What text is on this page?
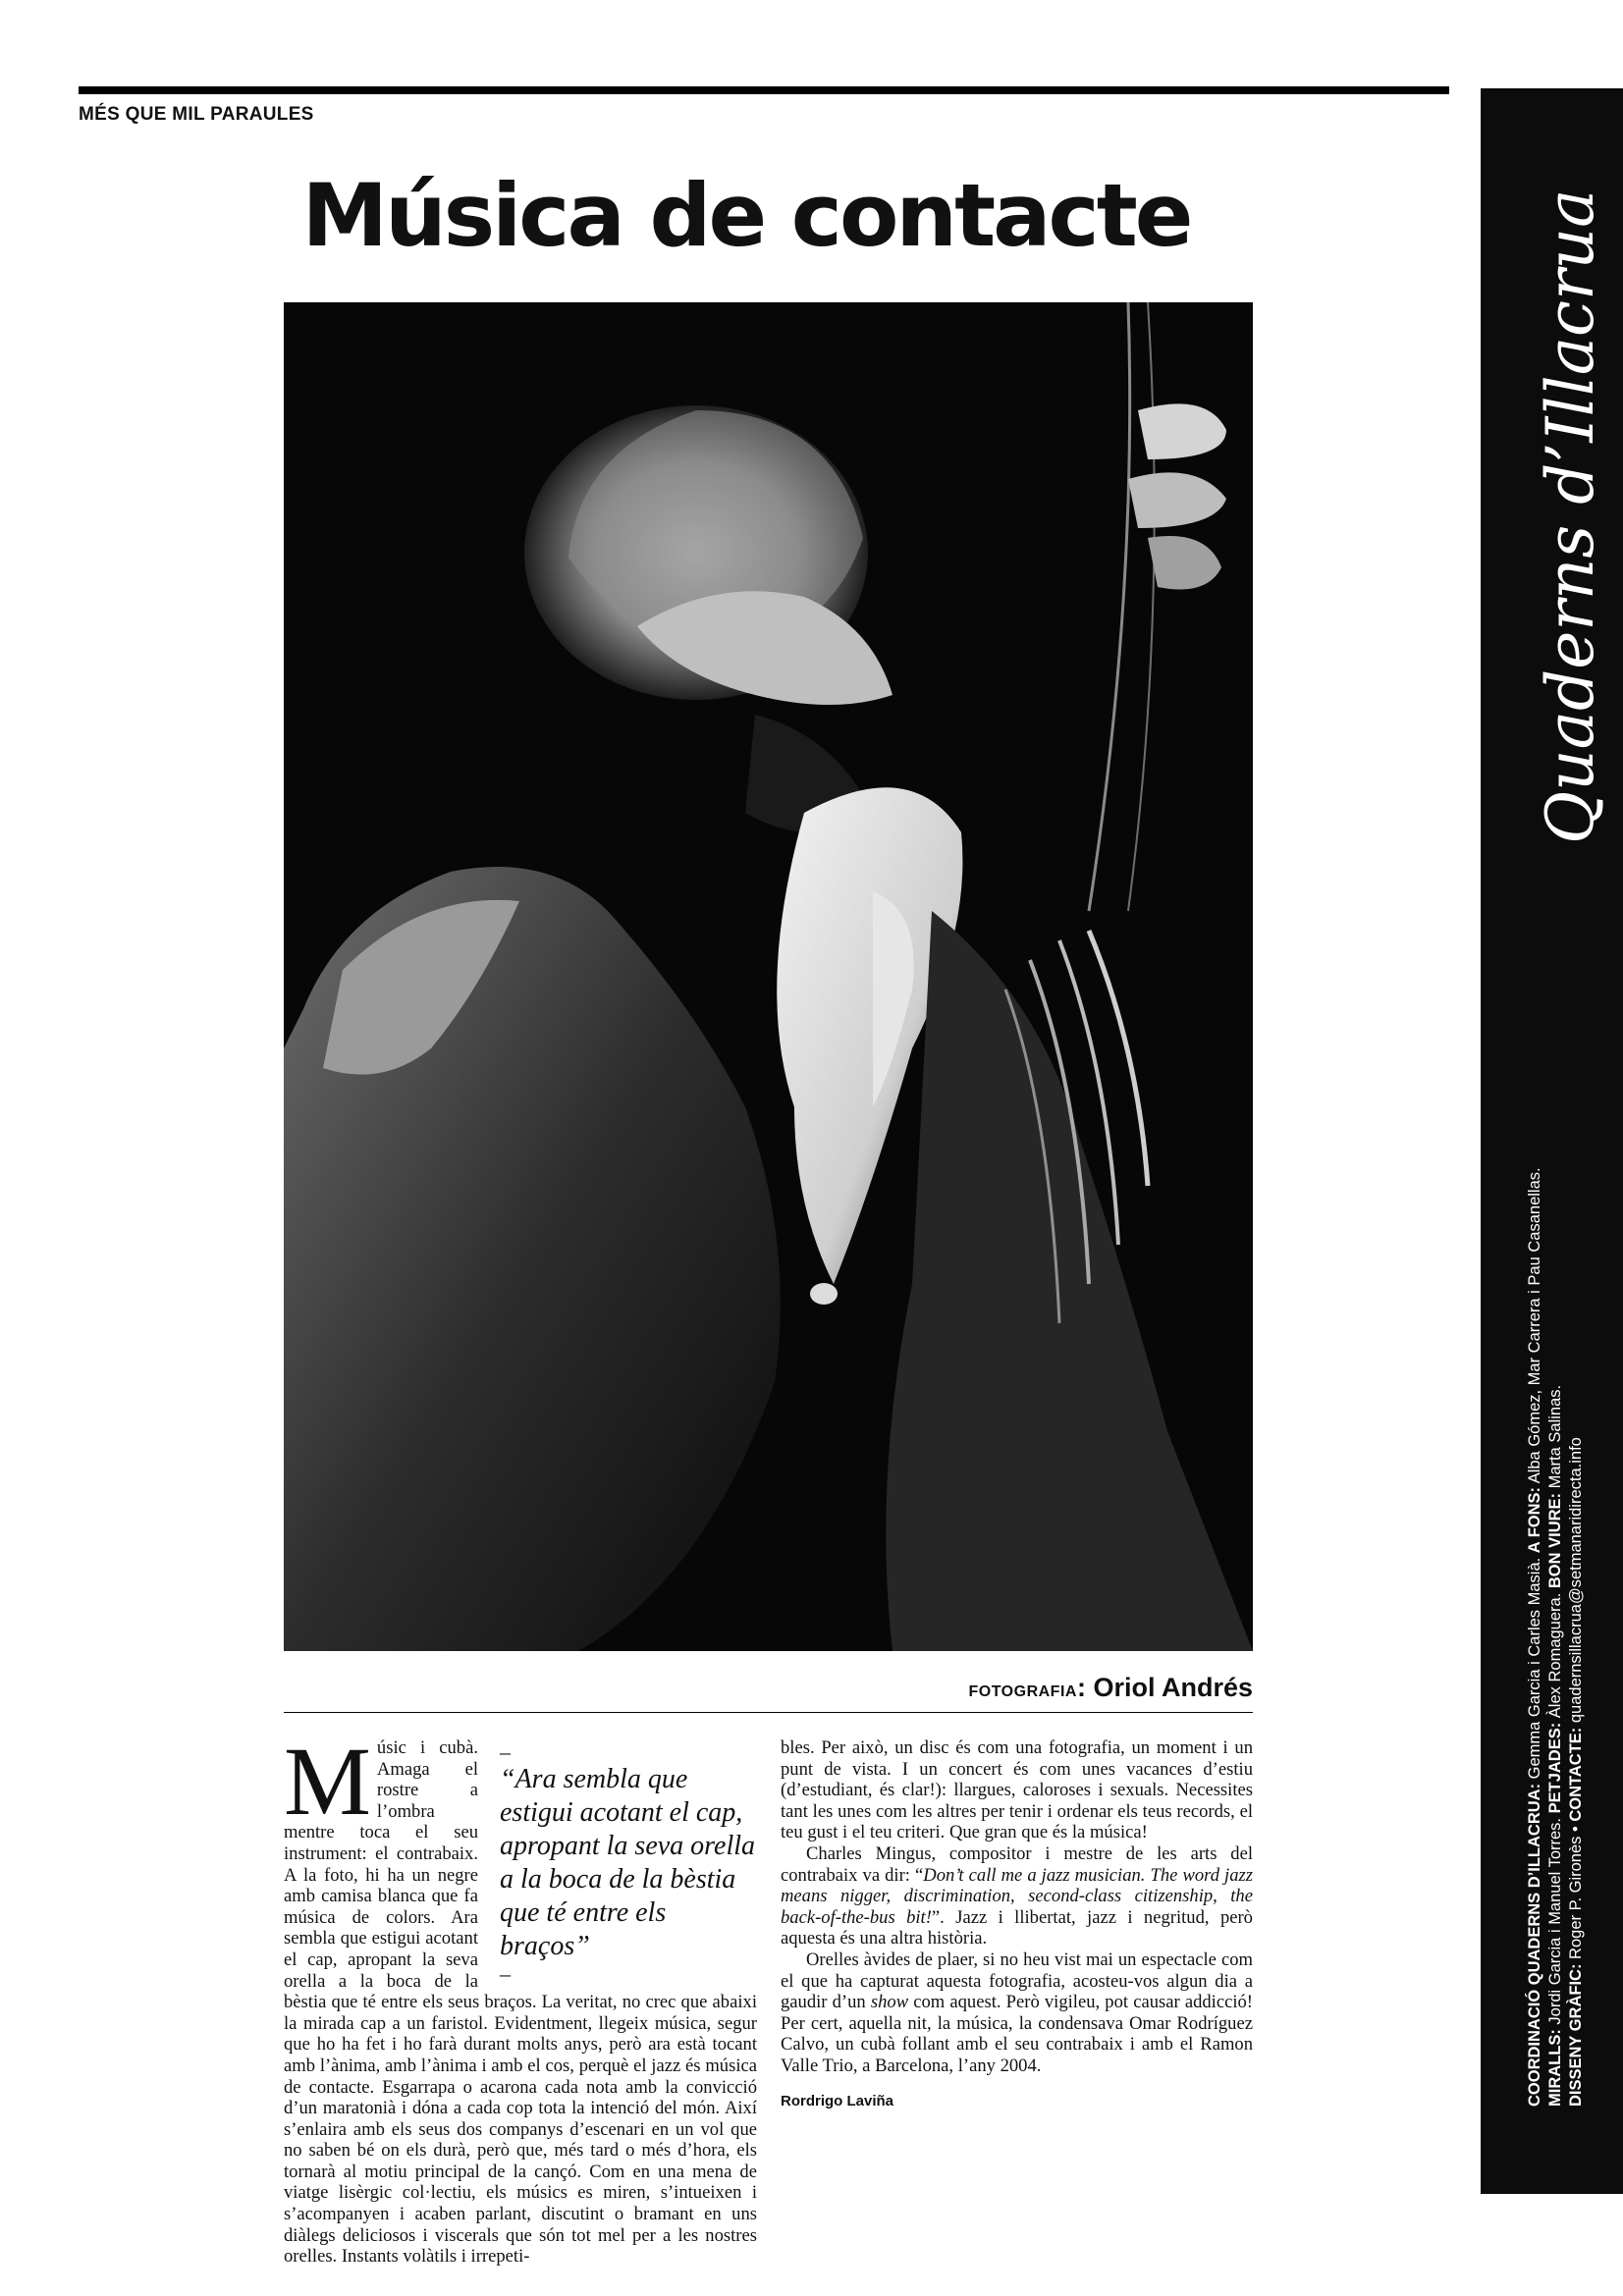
MÉS QUE MIL PARAULES
Música de contacte
FOTOGRAFIA: Oriol Andrés

M	–
“Ara sembla que estigui acotant el cap, apropant la seva orella a la boca de la bèstia que té entre els braços”
–
úsic i cubà. Amaga el rostre a l’ombra mentre toca el seu instrument: el contrabaix. A la foto, hi ha un negre amb camisa blanca que fa música de colors. Ara sembla que estigui acotant el cap, apropant la seva orella a la boca de la bèstia que té entre els seus braços. La veritat, no crec que abaixi la mirada cap a un faristol. Evidentment, llegeix música, segur que ho ha fet i ho farà durant molts anys, però ara està tocant amb l’ànima, amb l’ànima i amb el cos, perquè el jazz és música de contacte. Esgarrapa o acarona cada nota amb la convicció d’un maratonià i dóna a cada cop tota la intenció del món. Així s’enlaira amb els seus dos companys d’escenari en un vol que no saben bé on els durà, però que, més tard o més d’hora, els tornarà al motiu principal de la cançó. Com en una mena de viatge lisèrgic col·lectiu, els músics es miren, s’intueixen i s’acompanyen i acaben parlant, discutint o bramant en uns diàlegs deliciosos i viscerals que són tot mel per a les nostres orelles. Instants volàtils i irrepeti-

bles. Per això, un disc és com una fotografia, un moment i un punt de vista. I un concert és com unes vacances d’estiu (d’estudiant, és clar!): llargues, caloroses i sexuals. Necessites tant les unes com les altres per tenir i ordenar els teus records, el teu gust i el teu criteri. Que gran que és la música!

Charles Mingus, compositor i mestre de les arts del contrabaix va dir: “Don’t call me a jazz musician. The word jazz means nigger, discrimination, second-class citizenship, the back-of-the-bus bit!”. Jazz i llibertat, jazz i negritud, però aquesta és una altra història.

Orelles àvides de plaer, si no heu vist mai un espectacle com el que ha capturat aquesta fotografia, acosteu-vos algun dia a gaudir d’un show com aquest. Però vigileu, pot causar addicció! Per cert, aquella nit, la música, la condensava Omar Rodríguez Calvo, un cubà follant amb el seu contrabaix i amb el Ramon Valle Trio, a Barcelona, l’any 2004.

Rordrigo Laviña
Quaderns d’Illacrua
COORDINACIÓ QUADERNS D’ILLACRUA: Gemma Garcia i Carles Masià. A FONS: Alba Gómez, Mar Carrera i Pau Casanellas.
MIRALLS: Jordi Garcia i Manuel Torres. PETJADES: Àlex Romaguera. BON VIURE: Marta Salinas.
DISSENY GRÀFIC: Roger P. Gironès • CONTACTE: quadernsillacrua@setmanaridirecta.info
